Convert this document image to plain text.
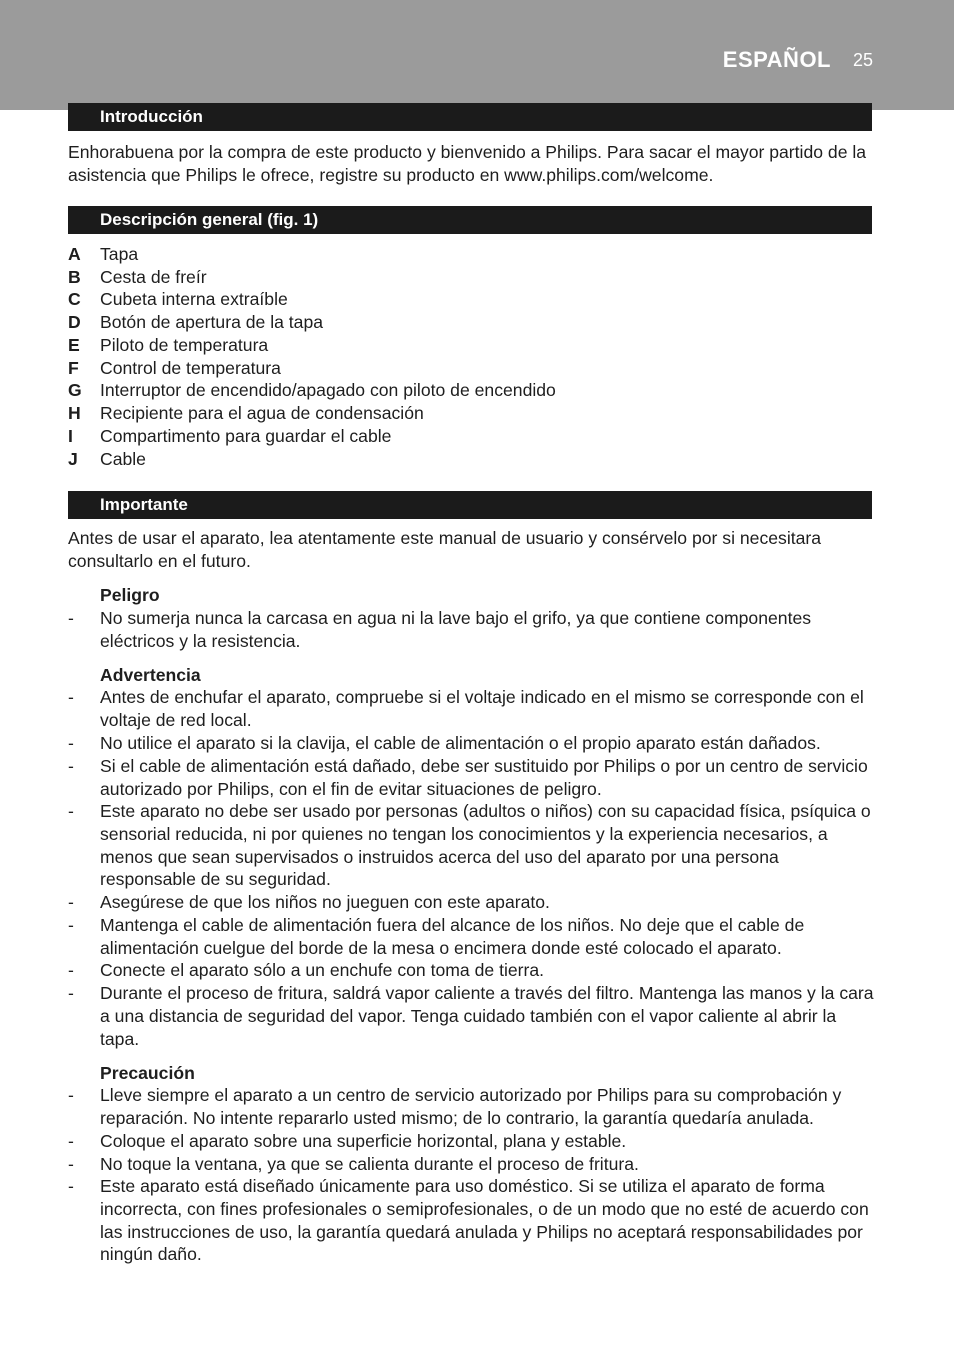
ESPAÑOL 25
Introducción

Enhorabuena por la compra de este producto y bienvenido a Philips. Para sacar el mayor partido de la asistencia que Philips le ofrece, registre su producto en www.philips.com/welcome.

Descripción general (fig. 1)
A	Tapa
B	Cesta de freír
C	Cubeta interna extraíble
D	Botón de apertura de la tapa
E	Piloto de temperatura
F	Control de temperatura
G	Interruptor de encendido/apagado con piloto de encendido
H	Recipiente para el agua de condensación
I	Compartimento para guardar el cable
J	Cable
Importante

Antes de usar el aparato, lea atentamente este manual de usuario y consérvelo por si necesitara consultarlo en el futuro.

Peligro
- No sumerja nunca la carcasa en agua ni la lave bajo el grifo, ya que contiene componentes eléctricos y la resistencia.
Advertencia
- Antes de enchufar el aparato, compruebe si el voltaje indicado en el mismo se corresponde con el voltaje de red local.
- No utilice el aparato si la clavija, el cable de alimentación o el propio aparato están dañados.
- Si el cable de alimentación está dañado, debe ser sustituido por Philips o por un centro de servicio autorizado por Philips, con el fin de evitar situaciones de peligro.
- Este aparato no debe ser usado por personas (adultos o niños) con su capacidad física, psíquica o sensorial reducida, ni por quienes no tengan los conocimientos y la experiencia necesarios, a menos que sean supervisados o instruidos acerca del uso del aparato por una persona responsable de su seguridad.
- Asegúrese de que los niños no jueguen con este aparato.
- Mantenga el cable de alimentación fuera del alcance de los niños. No deje que el cable de alimentación cuelgue del borde de la mesa o encimera donde esté colocado el aparato.
- Conecte el aparato sólo a un enchufe con toma de tierra.
- Durante el proceso de fritura, saldrá vapor caliente a través del filtro. Mantenga las manos y la cara a una distancia de seguridad del vapor. Tenga cuidado también con el vapor caliente al abrir la tapa.
Precaución
- Lleve siempre el aparato a un centro de servicio autorizado por Philips para su comprobación y reparación. No intente repararlo usted mismo; de lo contrario, la garantía quedaría anulada.
- Coloque el aparato sobre una superficie horizontal, plana y estable.
- No toque la ventana, ya que se calienta durante el proceso de fritura.
- Este aparato está diseñado únicamente para uso doméstico. Si se utiliza el aparato de forma incorrecta, con fines profesionales o semiprofesionales, o de un modo que no esté de acuerdo con las instrucciones de uso, la garantía quedará anulada y Philips no aceptará responsabilidades por ningún daño.
